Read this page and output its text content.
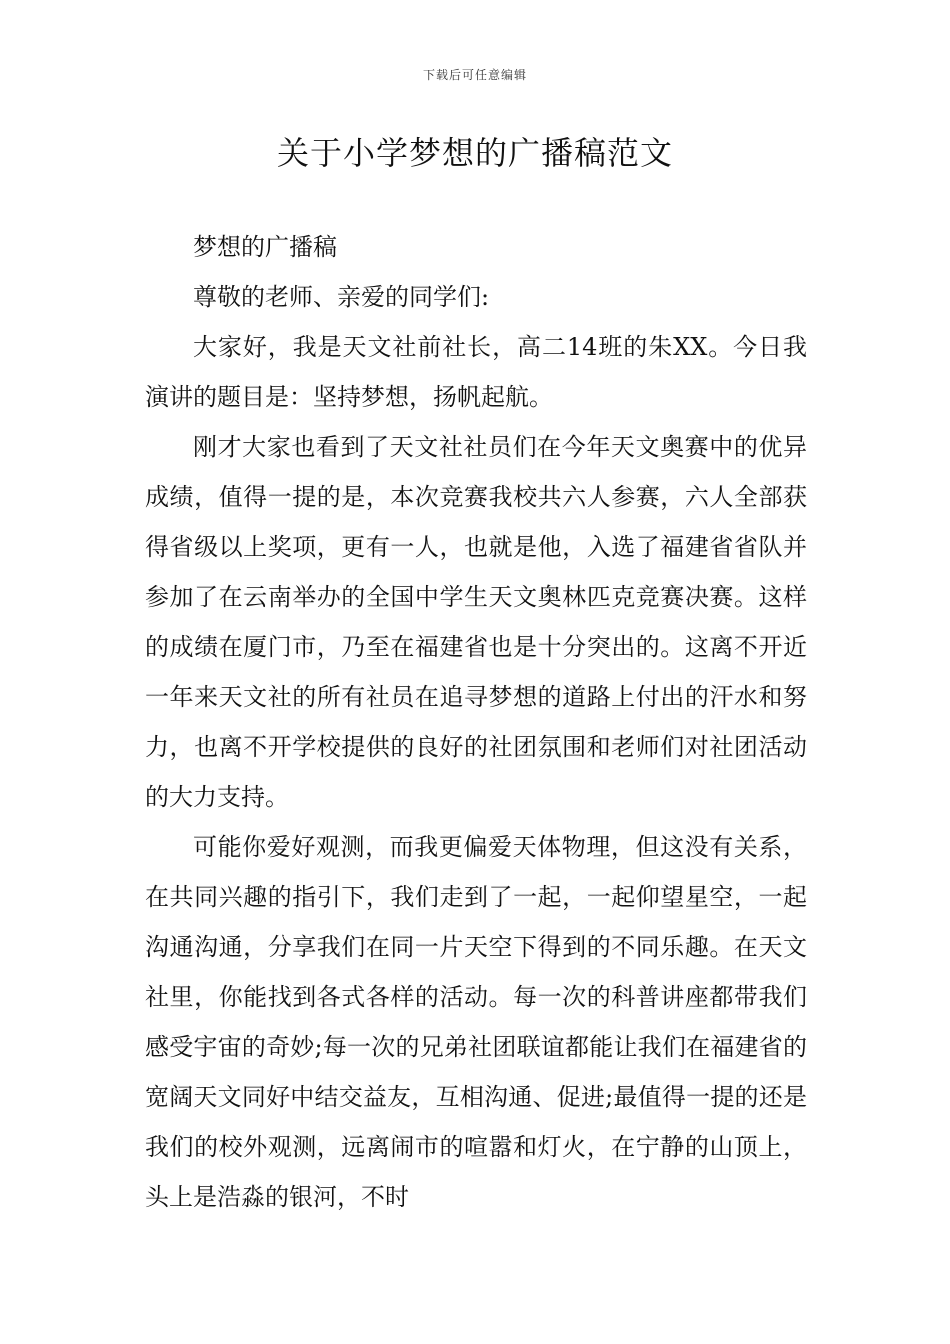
下载后可任意编辑
关于小学梦想的广播稿范文

梦想的广播稿

尊敬的老师、亲爱的同学们:

大家好，我是天文社前社长，高二14班的朱XX。今日我演讲的题目是：坚持梦想，扬帆起航。

刚才大家也看到了天文社社员们在今年天文奥赛中的优异成绩，值得一提的是，本次竞赛我校共六人参赛，六人全部获得省级以上奖项，更有一人，也就是他，入选了福建省省队并参加了在云南举办的全国中学生天文奥林匹克竞赛决赛。这样的成绩在厦门市，乃至在福建省也是十分突出的。这离不开近一年来天文社的所有社员在追寻梦想的道路上付出的汗水和努力，也离不开学校提供的良好的社团氛围和老师们对社团活动的大力支持。

可能你爱好观测，而我更偏爱天体物理，但这没有关系，在共同兴趣的指引下，我们走到了一起，一起仰望星空，一起沟通沟通，分享我们在同一片天空下得到的不同乐趣。在天文社里，你能找到各式各样的活动。每一次的科普讲座都带我们感受宇宙的奇妙;每一次的兄弟社团联谊都能让我们在福建省的宽阔天文同好中结交益友，互相沟通、促进;最值得一提的还是我们的校外观测，远离闹市的喧嚣和灯火，在宁静的山顶上，头上是浩淼的银河，不时
